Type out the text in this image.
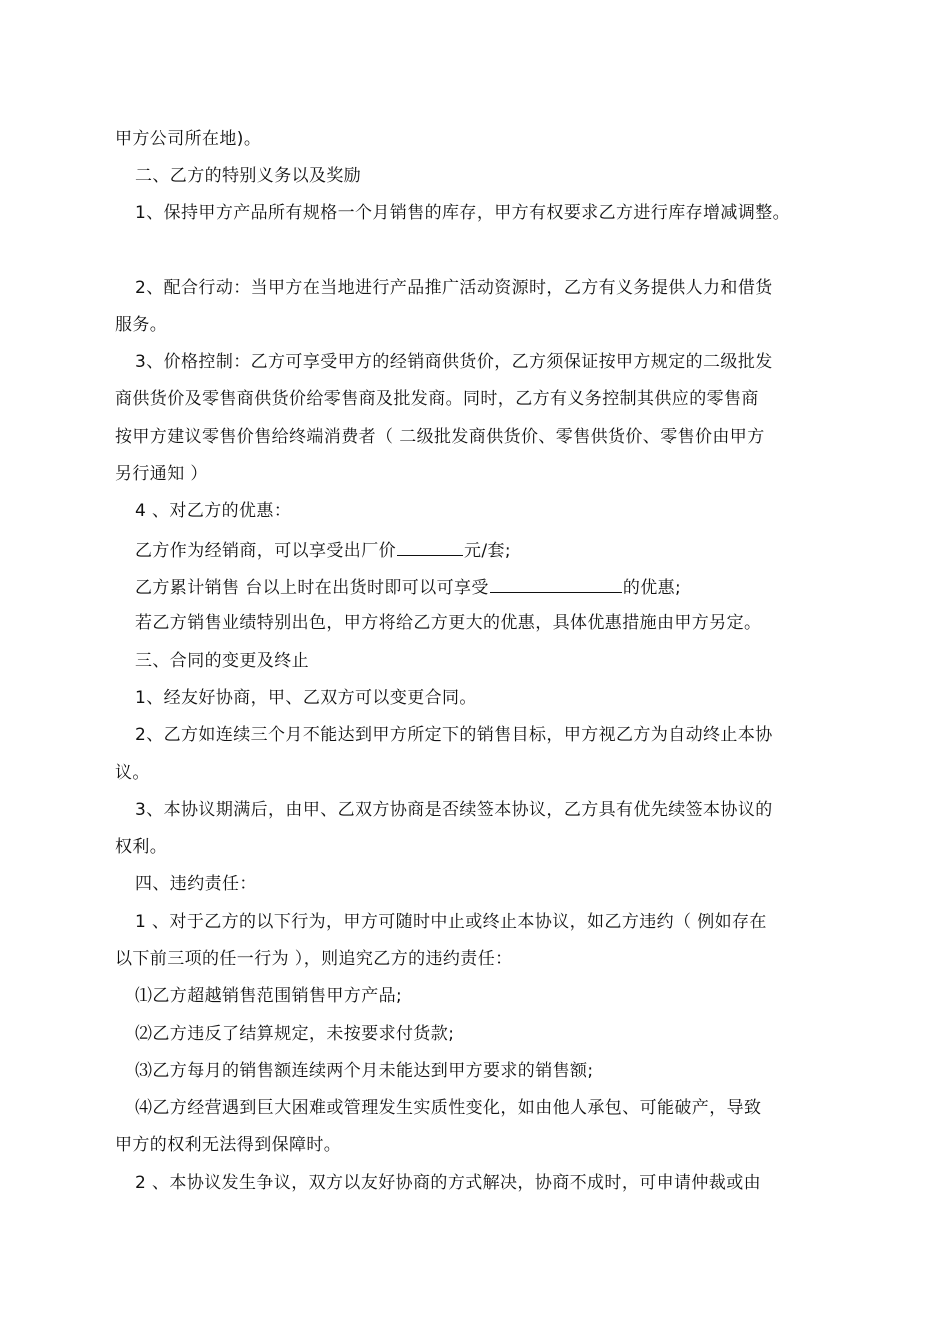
甲方公司所在地)。
二、乙方的特别义务以及奖励
1、保持甲方产品所有规格一个月销售的库存，甲方有权要求乙方进行库存增减调整。
2、配合行动：当甲方在当地进行产品推广活动资源时，乙方有义务提供人力和借货
服务。
3、价格控制：乙方可享受甲方的经销商供货价，乙方须保证按甲方规定的二级批发
商供货价及零售商供货价给零售商及批发商。同时，乙方有义务控制其供应的零售商
按甲方建议零售价售给终端消费者（ 二级批发商供货价、零售供货价、零售价由甲方
另行通知 ）
4 、对乙方的优惠：
乙方作为经销商，可以享受出厂价	元/套;
乙方累计销售 台以上时在出货时即可以可享受	的优惠;
若乙方销售业绩特别出色，甲方将给乙方更大的优惠，具体优惠措施由甲方另定。
三、合同的变更及终止
1、经友好协商，甲、乙双方可以变更合同。
2、乙方如连续三个月不能达到甲方所定下的销售目标，甲方视乙方为自动终止本协
议。
3、本协议期满后，由甲、乙双方协商是否续签本协议，乙方具有优先续签本协议的
权利。
四、违约责任：
1 、对于乙方的以下行为，甲方可随时中止或终止本协议，如乙方违约（ 例如存在
以下前三项的任一行为 ），则追究乙方的违约责任：
⑴乙方超越销售范围销售甲方产品;
⑵乙方违反了结算规定，未按要求付货款;
⑶乙方每月的销售额连续两个月未能达到甲方要求的销售额;
⑷乙方经营遇到巨大困难或管理发生实质性变化，如由他人承包、可能破产，导致
甲方的权利无法得到保障时。
2 、本协议发生争议，双方以友好协商的方式解决，协商不成时，可申请仲裁或由
